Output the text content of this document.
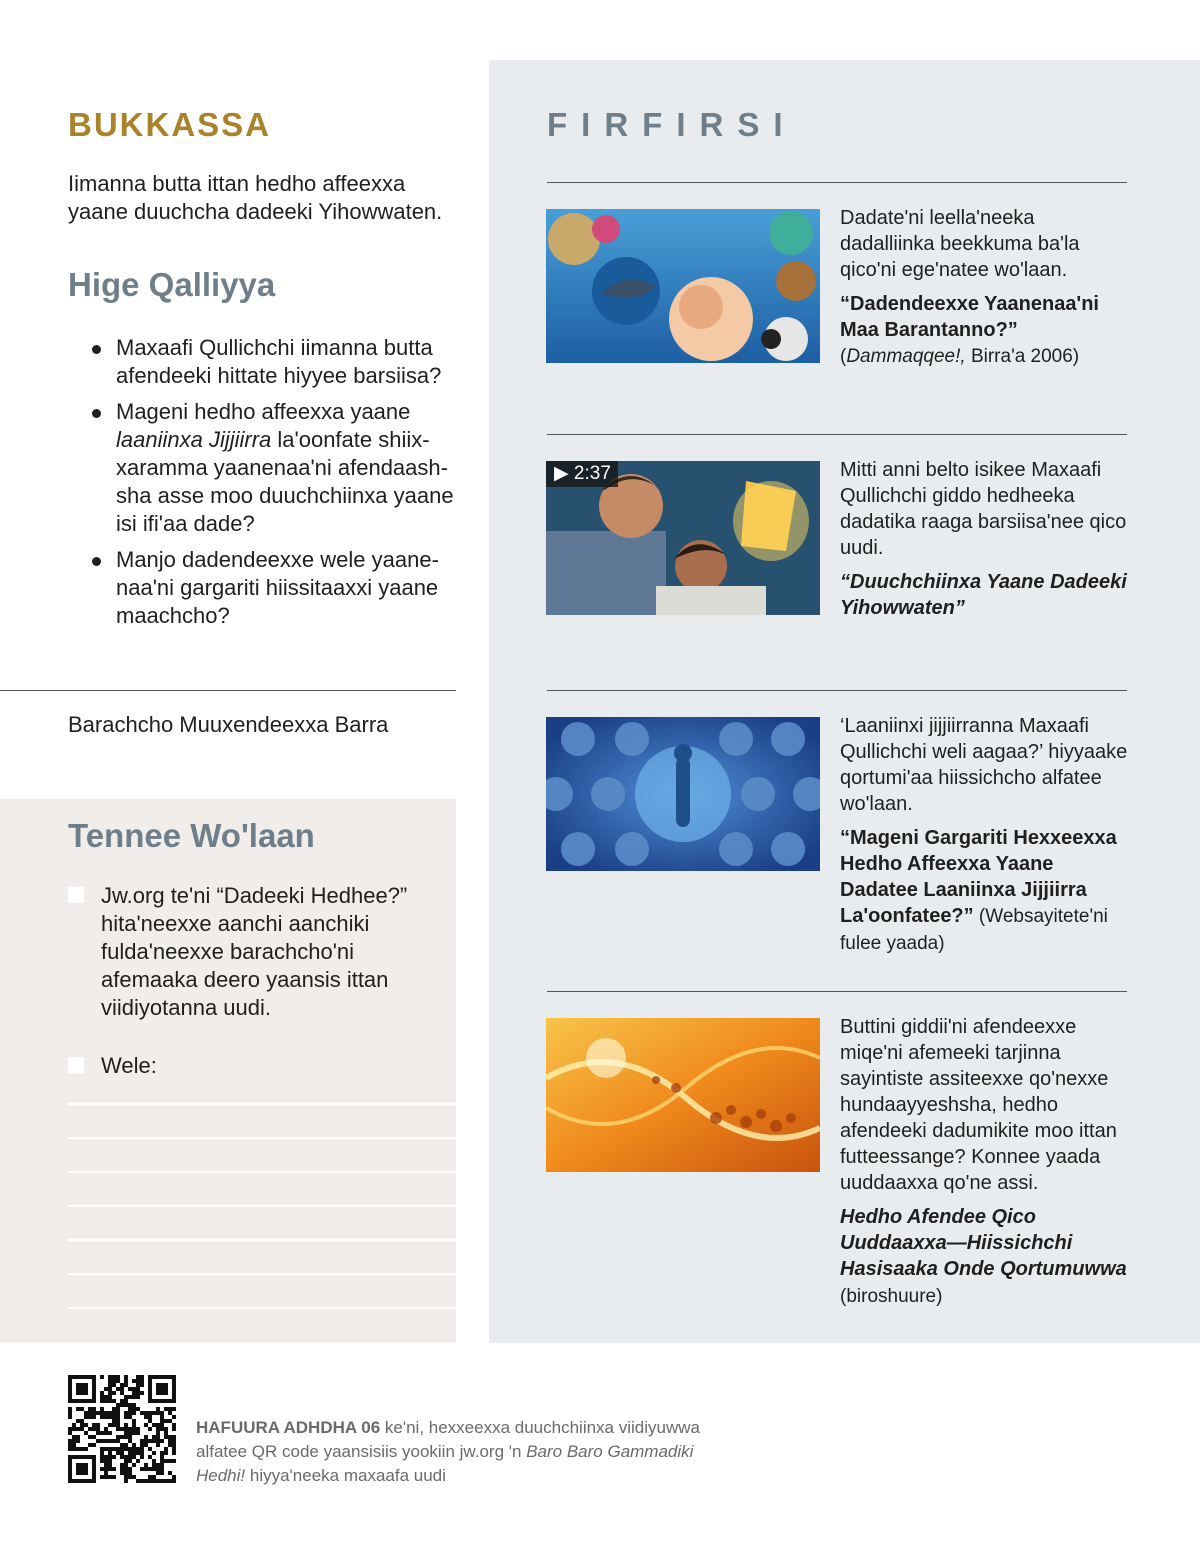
BUKKASSA
Iimanna butta ittan hedho affeexxa yaane duuchcha dadeeki Yihowwaten.
Hige Qalliyya
Maxaafi Qullichchi iimanna butta afendeeki hittate hiyyee barsiisa?
Mageni hedho affeexxa yaane laaniinxa Jijjiirra la'oonfate shiixxaramma yaanenaa'ni afendaashsha asse moo duuchchiinxa yaane isi ifi'aa dade?
Manjo dadendeexxe wele yaanenaa'ni gargariti hiissitaaxxi yaane maachcho?
Barachcho Muuxendeexxa Barra
Tennee Wo'laan
Jw.org te'ni “Dadeeki Hedhee?” hita'neexxe aanchi aanchiki fulda'neexxe barachcho'ni afemaaka deero yaansis ittan viidiyotanna uudi.
Wele:
FIRFIRSI
Dadate'ni leella'neeka dadalliinka beekkuma ba'la qico'ni ege'natee wo'laan.
“Dadendeexxe Yaanenaa'ni Maa Barantanno?”
(Dammaqqee!, Birra'a 2006)
▶ 2:37	Mitti anni belto isikee Maxaafi Qullichchi giddo hedheeka dadatika raaga barsiisa'nee qico uudi.
“Duuchchiinxa Yaane Dadeeki Yihowwaten”
‘Laaniinxi jijjiirranna Maxaafi Qullichchi weli aagaa?’ hiyyaake qortumi'aa hiissichcho alfatee wo'laan.
“Mageni Gargariti Hexxeexxa Hedho Affeexxa Yaane Dadatee Laaniinxa Jijjiirra La'oonfatee?” (Websayitete'ni fulee yaada)
Buttini giddii'ni afendeexxe miqe'ni afemeeki tarjinna sayintiste assiteexxe qo'nexxe hundaayyeshsha, hedho afendeeki dadumikite moo ittan futteessange? Konnee yaada uuddaaxxa qo'ne assi.
Hedho Afendee Qico Uuddaaxxa—Hiissichchi Hasisaaka Onde Qortumuwwa (biroshuure)
HAFUURA ADHDHA 06 ke'ni, hexxeexxa duuchchiinxa viidiyuwwa alfatee QR code yaansisiis yookiin jw.org 'n Baro Baro Gammadiki Hedhi! hiyya'neeka maxaafa uudi
